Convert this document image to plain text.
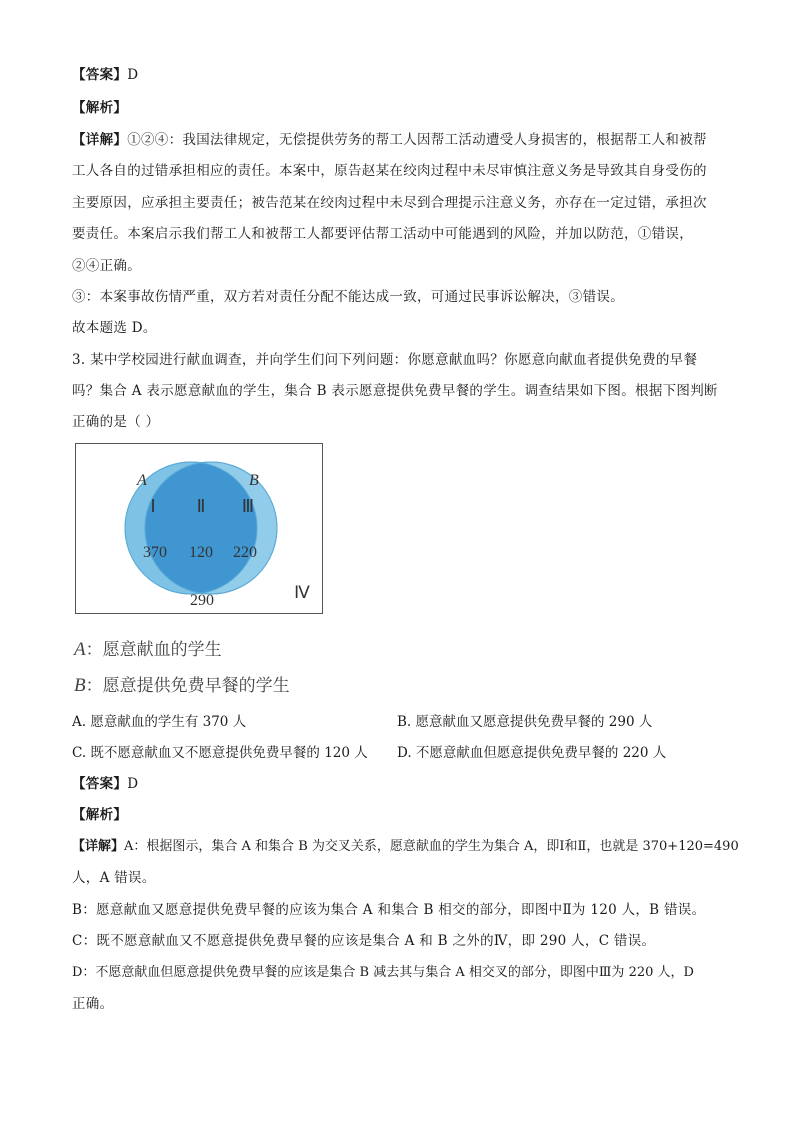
【答案】D
【解析】
【详解】①②④：我国法律规定，无偿提供劳务的帮工人因帮工活动遭受人身损害的，根据帮工人和被帮
工人各自的过错承担相应的责任。本案中，原告赵某在绞肉过程中未尽审慎注意义务是导致其自身受伤的
主要原因，应承担主要责任；被告范某在绞肉过程中未尽到合理提示注意义务，亦存在一定过错，承担次
要责任。本案启示我们帮工人和被帮工人都要评估帮工活动中可能遇到的风险，并加以防范，①错误，
②④正确。
③：本案事故伤情严重，双方若对责任分配不能达成一致，可通过民事诉讼解决，③错误。
故本题选 D。
3. 某中学校园进行献血调查，并向学生们问下列问题：你愿意献血吗？你愿意向献血者提供免费的早餐
吗？集合 A 表示愿意献血的学生，集合 B 表示愿意提供免费早餐的学生。调查结果如下图。根据下图判断
正确的是（ ）
A	B
Ⅰ Ⅱ Ⅲ
370 120 220
290	Ⅳ
A：愿意献血的学生
B：愿意提供免费早餐的学生
A. 愿意献血的学生有 370 人	B. 愿意献血又愿意提供免费早餐的 290 人
C. 既不愿意献血又不愿意提供免费早餐的 120 人 D. 不愿意献血但愿意提供免费早餐的 220 人
【答案】D
【解析】
【详解】A：根据图示，集合 A 和集合 B 为交叉关系，愿意献血的学生为集合 A，即Ⅰ和Ⅱ，也就是 370+120=490
人，A 错误。
B：愿意献血又愿意提供免费早餐的应该为集合 A 和集合 B 相交的部分，即图中Ⅱ为 120 人，B 错误。
C：既不愿意献血又不愿意提供免费早餐的应该是集合 A 和 B 之外的Ⅳ，即 290 人，C 错误。
D：不愿意献血但愿意提供免费早餐的应该是集合 B 减去其与集合 A 相交叉的部分，即图中Ⅲ为 220 人，D
正确。
